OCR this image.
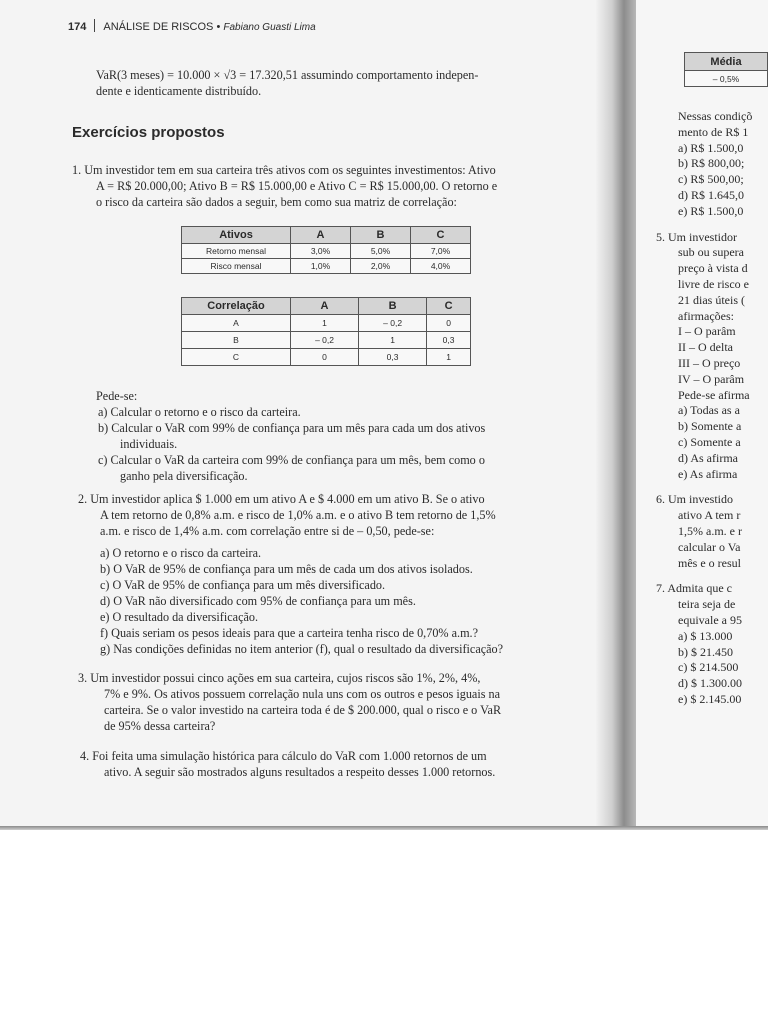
174 ANÁLISE DE RISCOS • Fabiano Guasti Lima
VaR(3 meses) = 10.000 × √3 = 17.320,51 assumindo comportamento indepen-
dente e identicamente distribuído.
Exercícios propostos
1. Um investidor tem em sua carteira três ativos com os seguintes investimentos: Ativo
A = R$ 20.000,00; Ativo B = R$ 15.000,00 e Ativo C = R$ 15.000,00. O retorno e
o risco da carteira são dados a seguir, bem como sua matriz de correlação:
Ativos	A	B	C
Retorno mensal	3,0%	5,0%	7,0%
Risco mensal	1,0%	2,0%	4,0%
Correlação	A	B	C
A	1	– 0,2	0
B	– 0,2	1	0,3
C	0	0,3	1
Pede-se:
a) Calcular o retorno e o risco da carteira.
b) Calcular o VaR com 99% de confiança para um mês para cada um dos ativos
individuais.
c) Calcular o VaR da carteira com 99% de confiança para um mês, bem como o
ganho pela diversificação.
2. Um investidor aplica $ 1.000 em um ativo A e $ 4.000 em um ativo B. Se o ativo
A tem retorno de 0,8% a.m. e risco de 1,0% a.m. e o ativo B tem retorno de 1,5%
a.m. e risco de 1,4% a.m. com correlação entre si de – 0,50, pede-se:
a) O retorno e o risco da carteira.
b) O VaR de 95% de confiança para um mês de cada um dos ativos isolados.
c) O VaR de 95% de confiança para um mês diversificado.
d) O VaR não diversificado com 95% de confiança para um mês.
e) O resultado da diversificação.
f) Quais seriam os pesos ideais para que a carteira tenha risco de 0,70% a.m.?
g) Nas condições definidas no item anterior (f), qual o resultado da diversificação?
3. Um investidor possui cinco ações em sua carteira, cujos riscos são 1%, 2%, 4%,
7% e 9%. Os ativos possuem correlação nula uns com os outros e pesos iguais na
carteira. Se o valor investido na carteira toda é de $ 200.000, qual o risco e o VaR
de 95% dessa carteira?
4. Foi feita uma simulação histórica para cálculo do VaR com 1.000 retornos de um
ativo. A seguir são mostrados alguns resultados a respeito desses 1.000 retornos.
Média
– 0,5%
Nessas condiçõ
mento de R$ 1
a) R$ 1.500,0
b) R$ 800,00;
c) R$ 500,00;
d) R$ 1.645,0
e) R$ 1.500,0
5. Um investidor
sub ou supera
preço à vista d
livre de risco e
21 dias úteis (
afirmações:
I – O parâm
II – O delta
III – O preço
IV – O parâm
Pede-se afirma
a) Todas as a
b) Somente a
c) Somente a
d) As afirma
e) As afirma
6. Um investido
ativo A tem r
1,5% a.m. e r
calcular o Va
mês e o resul
7. Admita que c
teira seja de
equivale a 95
a) $ 13.000
b) $ 21.450
c) $ 214.500
d) $ 1.300.00
e) $ 2.145.00
